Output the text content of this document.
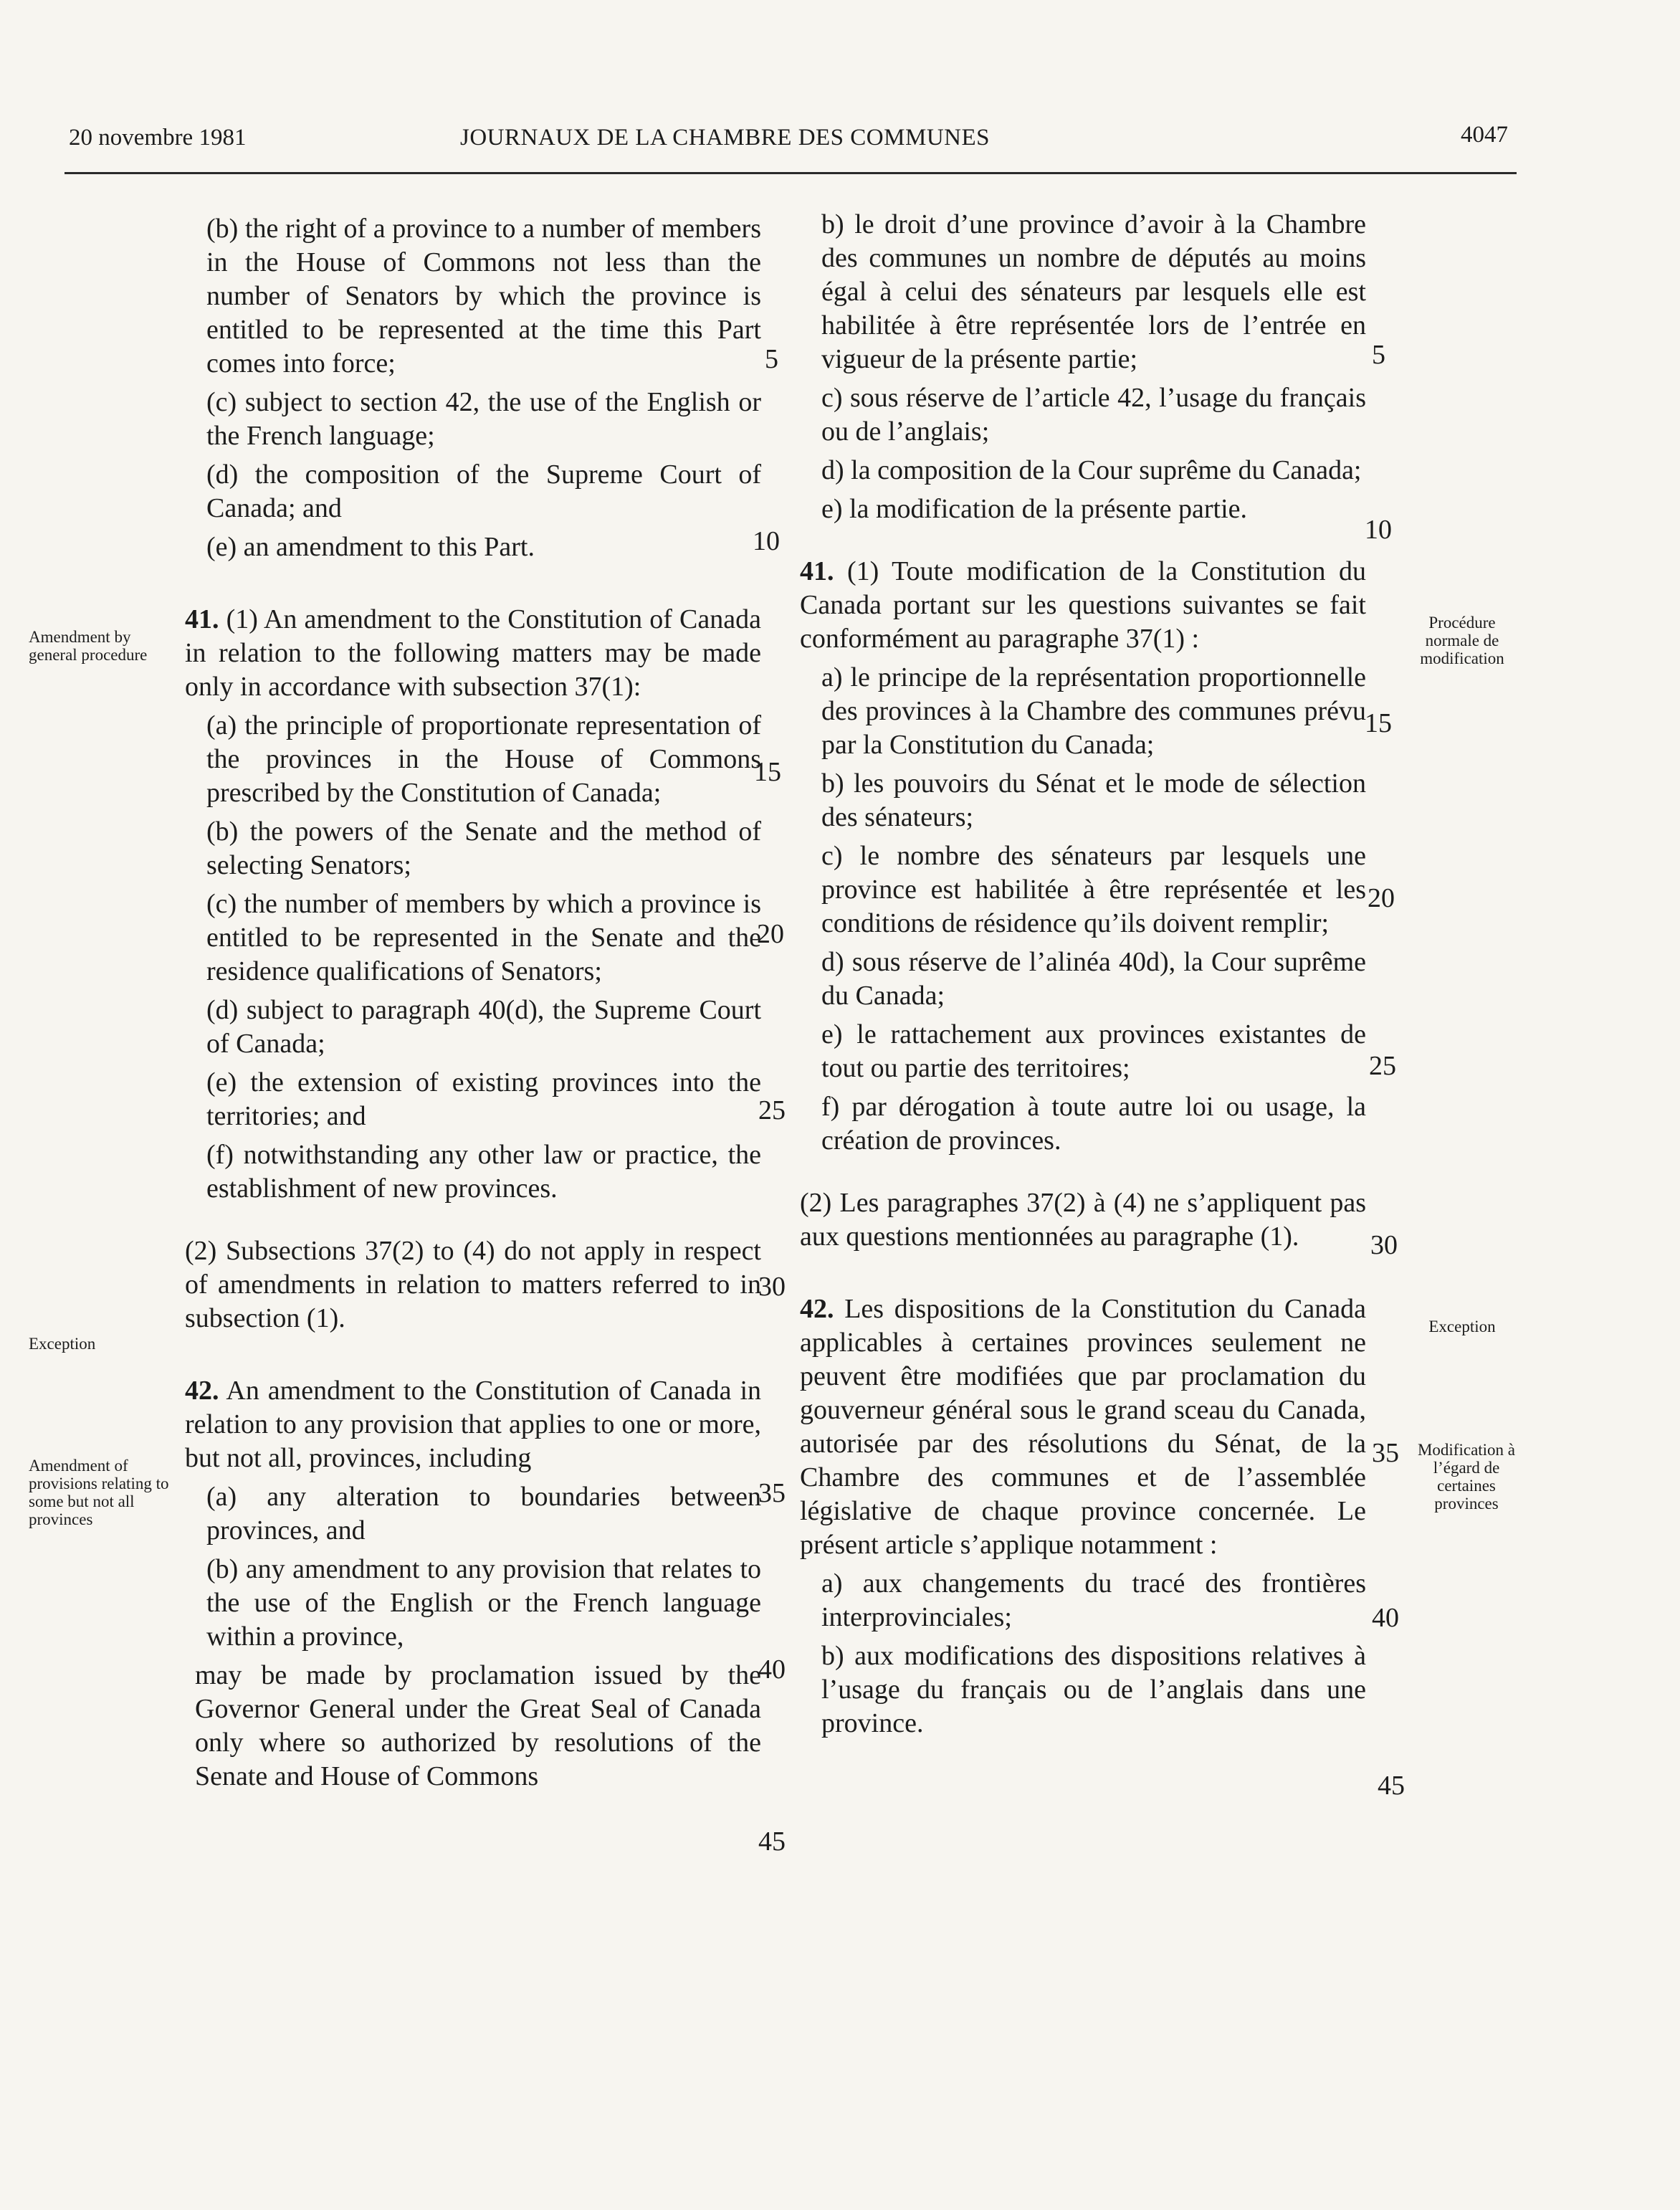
20 novembre 1981	JOURNAUX DE LA CHAMBRE DES COMMUNES	4047

(b) the right of a province to a number of members in the House of Commons not less than the number of Senators by which the province is entitled to be represented at the time this Part comes into force;

(c) subject to section 42, the use of the English or the French language;

(d) the composition of the Supreme Court of Canada; and

(e) an amendment to this Part.

41. (1) An amendment to the Constitution of Canada in relation to the following matters may be made only in accordance with subsection 37(1):

(a) the principle of proportionate representation of the provinces in the House of Commons prescribed by the Constitution of Canada;

(b) the powers of the Senate and the method of selecting Senators;

(c) the number of members by which a province is entitled to be represented in the Senate and the residence qualifications of Senators;

(d) subject to paragraph 40(d), the Supreme Court of Canada;

(e) the extension of existing provinces into the territories; and

(f) notwithstanding any other law or practice, the establishment of new provinces.

(2) Subsections 37(2) to (4) do not apply in respect of amendments in relation to matters referred to in subsection (1).

42. An amendment to the Constitution of Canada in relation to any provision that applies to one or more, but not all, provinces, including

(a) any alteration to boundaries between provinces, and

(b) any amendment to any provision that relates to the use of the English or the French language within a province,

may be made by proclamation issued by the Governor General under the Great Seal of Canada only where so authorized by resolutions of the Senate and House of Commons

b) le droit d’une province d’avoir à la Chambre des communes un nombre de députés au moins égal à celui des sénateurs par lesquels elle est habilitée à être représentée lors de l’entrée en vigueur de la présente partie;

c) sous réserve de l’article 42, l’usage du français ou de l’anglais;

d) la composition de la Cour suprême du Canada;

e) la modification de la présente partie.

41. (1) Toute modification de la Constitution du Canada portant sur les questions suivantes se fait conformément au paragraphe 37(1) :

a) le principe de la représentation proportionnelle des provinces à la Chambre des communes prévu par la Constitution du Canada;

b) les pouvoirs du Sénat et le mode de sélection des sénateurs;

c) le nombre des sénateurs par lesquels une province est habilitée à être représentée et les conditions de résidence qu’ils doivent remplir;

d) sous réserve de l’alinéa 40d), la Cour suprême du Canada;

e) le rattachement aux provinces existantes de tout ou partie des territoires;

f) par dérogation à toute autre loi ou usage, la création de provinces.

(2) Les paragraphes 37(2) à (4) ne s’appliquent pas aux questions mentionnées au paragraphe (1).

42. Les dispositions de la Constitution du Canada applicables à certaines provinces seulement ne peuvent être modifiées que par proclamation du gouverneur général sous le grand sceau du Canada, autorisée par des résolutions du Sénat, de la Chambre des communes et de l’assemblée législative de chaque province concernée. Le présent article s’applique notamment :

a) aux changements du tracé des frontières interprovinciales;

b) aux modifications des dispositions relatives à l’usage du français ou de l’anglais dans une province.

Amendment by general procedure
Exception
Amendment of provisions relating to some but not all provinces
Procédure normale de modification
Exception
Modification à l’égard de certaines provinces
5
10
15
20
25
30
35
40
45
5
10
15
20
25
30
35
40
45
